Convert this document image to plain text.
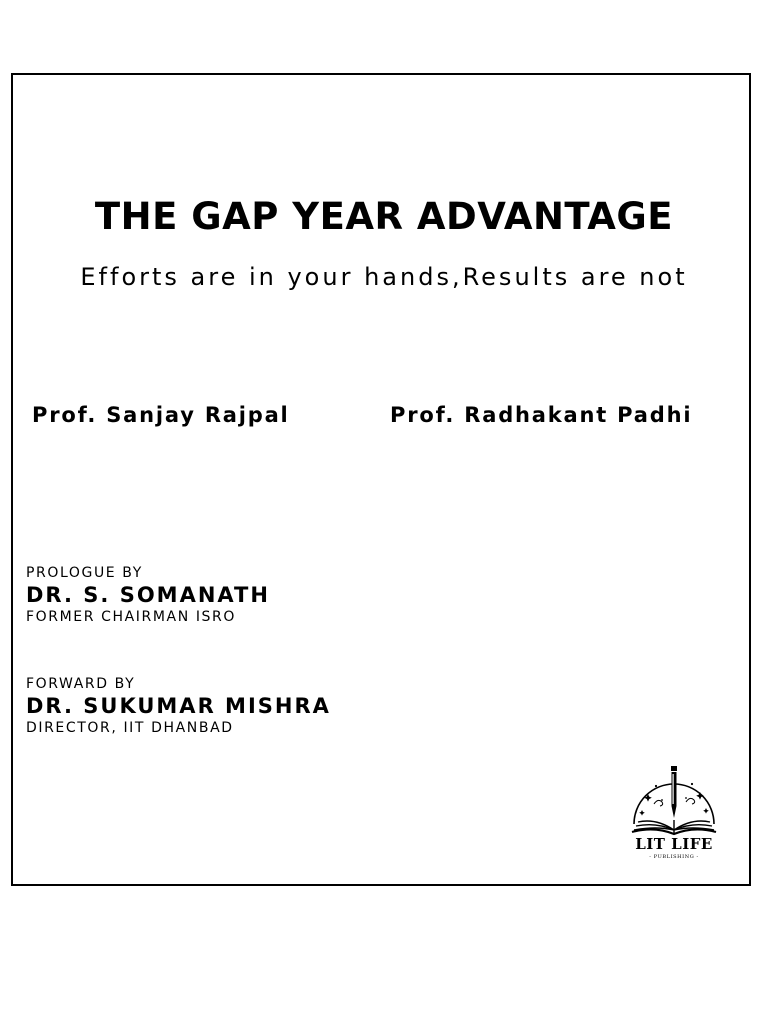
THE GAP YEAR ADVANTAGE
Efforts are in your hands,Results are not
Prof. Sanjay Rajpal	Prof. Radhakant Padhi
PROLOGUE BY
DR. S. SOMANATH
FORMER CHAIRMAN ISRO
FORWARD BY
DR. SUKUMAR MISHRA
DIRECTOR, IIT DHANBAD
LIT LIFE
- PUBLISHING -
